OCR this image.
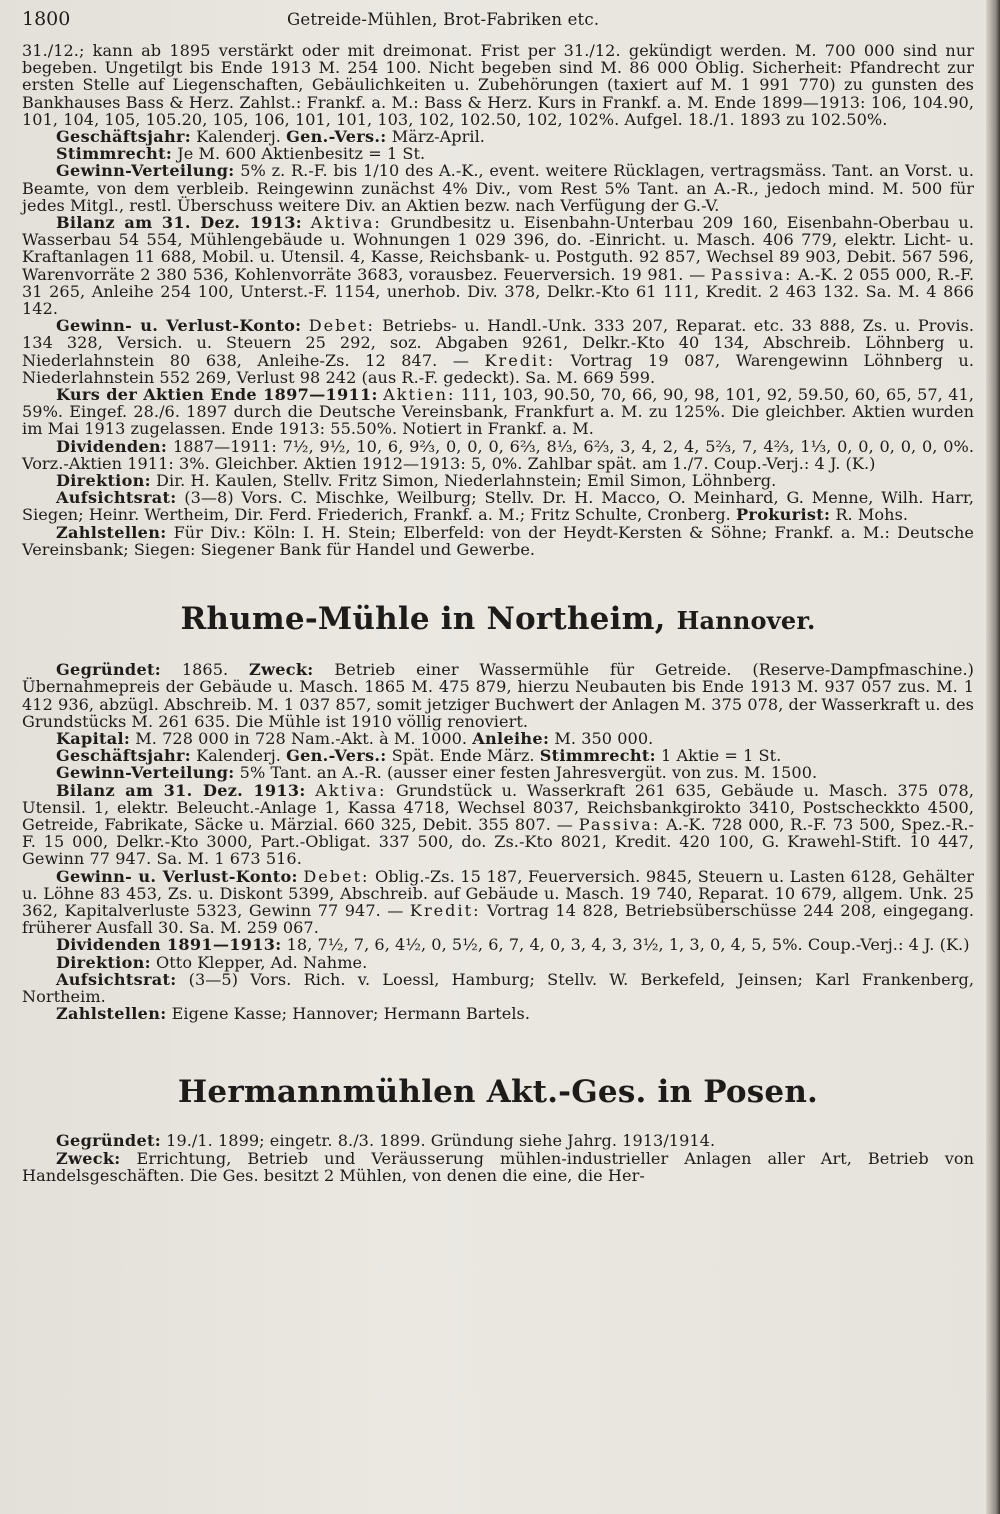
1800	Getreide-Mühlen, Brot-Fabriken etc.

31./12.; kann ab 1895 verstärkt oder mit dreimonat. Frist per 31./12. gekündigt werden. M. 700 000 sind nur begeben. Ungetilgt bis Ende 1913 M. 254 100. Nicht begeben sind M. 86 000 Oblig. Sicherheit: Pfandrecht zur ersten Stelle auf Liegenschaften, Gebäulichkeiten u. Zubehörungen (taxiert auf M. 1 991 770) zu gunsten des Bankhauses Bass & Herz. Zahlst.: Frankf. a. M.: Bass & Herz. Kurs in Frankf. a. M. Ende 1899—1913: 106, 104.90, 101, 104, 105, 105.20, 105, 106, 101, 101, 103, 102, 102.50, 102, 102%. Aufgel. 18./1. 1893 zu 102.50%.

Geschäftsjahr: Kalenderj. Gen.-Vers.: März-April.

Stimmrecht: Je M. 600 Aktienbesitz = 1 St.

Gewinn-Verteilung: 5% z. R.-F. bis 1/10 des A.-K., event. weitere Rücklagen, vertragsmäss. Tant. an Vorst. u. Beamte, von dem verbleib. Reingewinn zunächst 4% Div., vom Rest 5% Tant. an A.-R., jedoch mind. M. 500 für jedes Mitgl., restl. Überschuss weitere Div. an Aktien bezw. nach Verfügung der G.-V.

Bilanz am 31. Dez. 1913: Aktiva: Grundbesitz u. Eisenbahn-Unterbau 209 160, Eisenbahn-Oberbau u. Wasserbau 54 554, Mühlengebäude u. Wohnungen 1 029 396, do. -Einricht. u. Masch. 406 779, elektr. Licht- u. Kraftanlagen 11 688, Mobil. u. Utensil. 4, Kasse, Reichsbank- u. Postguth. 92 857, Wechsel 89 903, Debit. 567 596, Warenvorräte 2 380 536, Kohlenvorräte 3683, vorausbez. Feuerversich. 19 981. — Passiva: A.-K. 2 055 000, R.-F. 31 265, Anleihe 254 100, Unterst.-F. 1154, unerhob. Div. 378, Delkr.-Kto 61 111, Kredit. 2 463 132. Sa. M. 4 866 142.

Gewinn- u. Verlust-Konto: Debet: Betriebs- u. Handl.-Unk. 333 207, Reparat. etc. 33 888, Zs. u. Provis. 134 328, Versich. u. Steuern 25 292, soz. Abgaben 9261, Delkr.-Kto 40 134, Abschreib. Löhnberg u. Niederlahnstein 80 638, Anleihe-Zs. 12 847. — Kredit: Vortrag 19 087, Warengewinn Löhnberg u. Niederlahnstein 552 269, Verlust 98 242 (aus R.-F. gedeckt). Sa. M. 669 599.

Kurs der Aktien Ende 1897—1911: Aktien: 111, 103, 90.50, 70, 66, 90, 98, 101, 92, 59.50, 60, 65, 57, 41, 59%. Eingef. 28./6. 1897 durch die Deutsche Vereinsbank, Frankfurt a. M. zu 125%. Die gleichber. Aktien wurden im Mai 1913 zugelassen. Ende 1913: 55.50%. Notiert in Frankf. a. M.

Dividenden: 1887—1911: 7½, 9½, 10, 6, 9⅔, 0, 0, 0, 6⅔, 8⅓, 6⅔, 3, 4, 2, 4, 5⅔, 7, 4⅔, 1⅓, 0, 0, 0, 0, 0, 0%. Vorz.-Aktien 1911: 3%. Gleichber. Aktien 1912—1913: 5, 0%. Zahlbar spät. am 1./7. Coup.-Verj.: 4 J. (K.)

Direktion: Dir. H. Kaulen, Stellv. Fritz Simon, Niederlahnstein; Emil Simon, Löhnberg.

Aufsichtsrat: (3—8) Vors. C. Mischke, Weilburg; Stellv. Dr. H. Macco, O. Meinhard, G. Menne, Wilh. Harr, Siegen; Heinr. Wertheim, Dir. Ferd. Friederich, Frankf. a. M.; Fritz Schulte, Cronberg. Prokurist: R. Mohs.

Zahlstellen: Für Div.: Köln: I. H. Stein; Elberfeld: von der Heydt-Kersten & Söhne; Frankf. a. M.: Deutsche Vereinsbank; Siegen: Siegener Bank für Handel und Gewerbe.

Rhume-Mühle in Northeim, Hannover.

Gegründet: 1865. Zweck: Betrieb einer Wassermühle für Getreide. (Reserve-Dampfmaschine.) Übernahmepreis der Gebäude u. Masch. 1865 M. 475 879, hierzu Neubauten bis Ende 1913 M. 937 057 zus. M. 1 412 936, abzügl. Abschreib. M. 1 037 857, somit jetziger Buchwert der Anlagen M. 375 078, der Wasserkraft u. des Grundstücks M. 261 635. Die Mühle ist 1910 völlig renoviert.

Kapital: M. 728 000 in 728 Nam.-Akt. à M. 1000. Anleihe: M. 350 000.

Geschäftsjahr: Kalenderj. Gen.-Vers.: Spät. Ende März. Stimmrecht: 1 Aktie = 1 St.

Gewinn-Verteilung: 5% Tant. an A.-R. (ausser einer festen Jahresvergüt. von zus. M. 1500.

Bilanz am 31. Dez. 1913: Aktiva: Grundstück u. Wasserkraft 261 635, Gebäude u. Masch. 375 078, Utensil. 1, elektr. Beleucht.-Anlage 1, Kassa 4718, Wechsel 8037, Reichsbankgirokto 3410, Postscheckkto 4500, Getreide, Fabrikate, Säcke u. Märzial. 660 325, Debit. 355 807. — Passiva: A.-K. 728 000, R.-F. 73 500, Spez.-R.-F. 15 000, Delkr.-Kto 3000, Part.-Obligat. 337 500, do. Zs.-Kto 8021, Kredit. 420 100, G. Krawehl-Stift. 10 447, Gewinn 77 947. Sa. M. 1 673 516.

Gewinn- u. Verlust-Konto: Debet: Oblig.-Zs. 15 187, Feuerversich. 9845, Steuern u. Lasten 6128, Gehälter u. Löhne 83 453, Zs. u. Diskont 5399, Abschreib. auf Gebäude u. Masch. 19 740, Reparat. 10 679, allgem. Unk. 25 362, Kapitalverluste 5323, Gewinn 77 947. — Kredit: Vortrag 14 828, Betriebsüberschüsse 244 208, eingegang. früherer Ausfall 30. Sa. M. 259 067.

Dividenden 1891—1913: 18, 7½, 7, 6, 4½, 0, 5½, 6, 7, 4, 0, 3, 4, 3, 3½, 1, 3, 0, 4, 5, 5%. Coup.-Verj.: 4 J. (K.)

Direktion: Otto Klepper, Ad. Nahme.

Aufsichtsrat: (3—5) Vors. Rich. v. Loessl, Hamburg; Stellv. W. Berkefeld, Jeinsen; Karl Frankenberg, Northeim.

Zahlstellen: Eigene Kasse; Hannover; Hermann Bartels.

Hermannmühlen Akt.-Ges. in Posen.

Gegründet: 19./1. 1899; eingetr. 8./3. 1899. Gründung siehe Jahrg. 1913/1914.

Zweck: Errichtung, Betrieb und Veräusserung mühlen-industrieller Anlagen aller Art, Betrieb von Handelsgeschäften. Die Ges. besitzt 2 Mühlen, von denen die eine, die Her-
